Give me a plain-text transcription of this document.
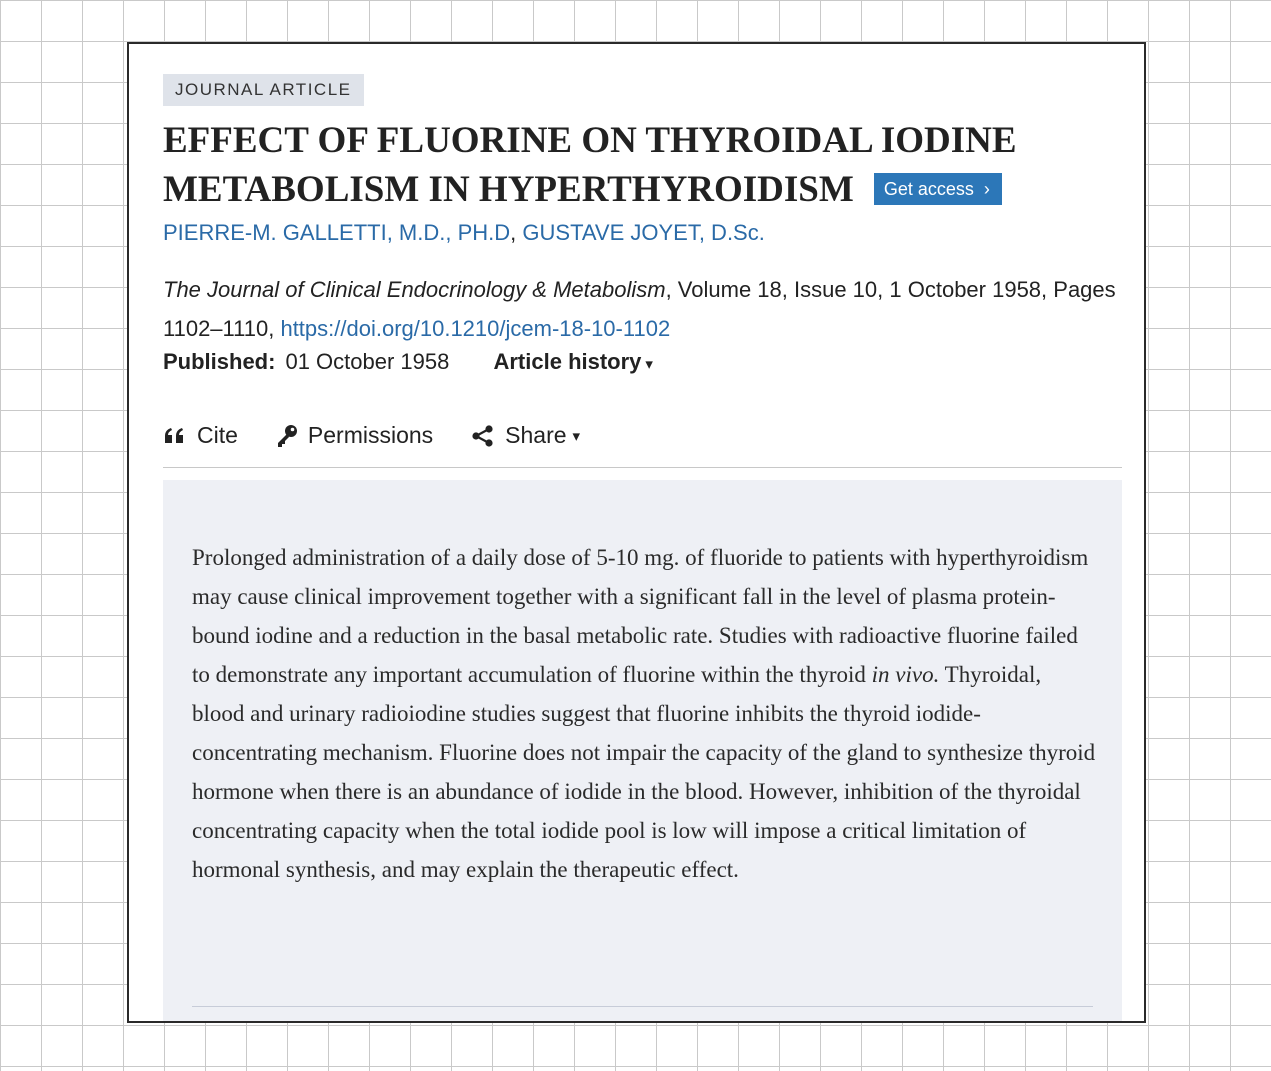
JOURNAL ARTICLE
EFFECT OF FLUORINE ON THYROIDAL IODINE
METABOLISM IN HYPERTHYROIDISM Get access ›
PIERRE-M. GALLETTI, M.D., PH.D, GUSTAVE JOYET, D.Sc.
The Journal of Clinical Endocrinology & Metabolism, Volume 18, Issue 10, 1 October 1958, Pages 1102–1110, https://doi.org/10.1210/jcem-18-10-1102
Published: 01 October 1958 Article history ▾
Cite	Permissions	Share ▾

Prolonged administration of a daily dose of 5-10 mg. of fluoride to patients with hyperthyroidism may cause clinical improvement together with a significant fall in the level of plasma protein-bound iodine and a reduction in the basal metabolic rate. Studies with radioactive fluorine failed to demonstrate any important accumulation of fluorine within the thyroid in vivo. Thyroidal, blood and urinary radioiodine studies suggest that fluorine inhibits the thyroid iodide-concentrating mechanism. Fluorine does not impair the capacity of the gland to synthesize thyroid hormone when there is an abundance of iodide in the blood. However, inhibition of the thyroidal concentrating capacity when the total iodide pool is low will impose a critical limitation of hormonal synthesis, and may explain the therapeutic effect.
